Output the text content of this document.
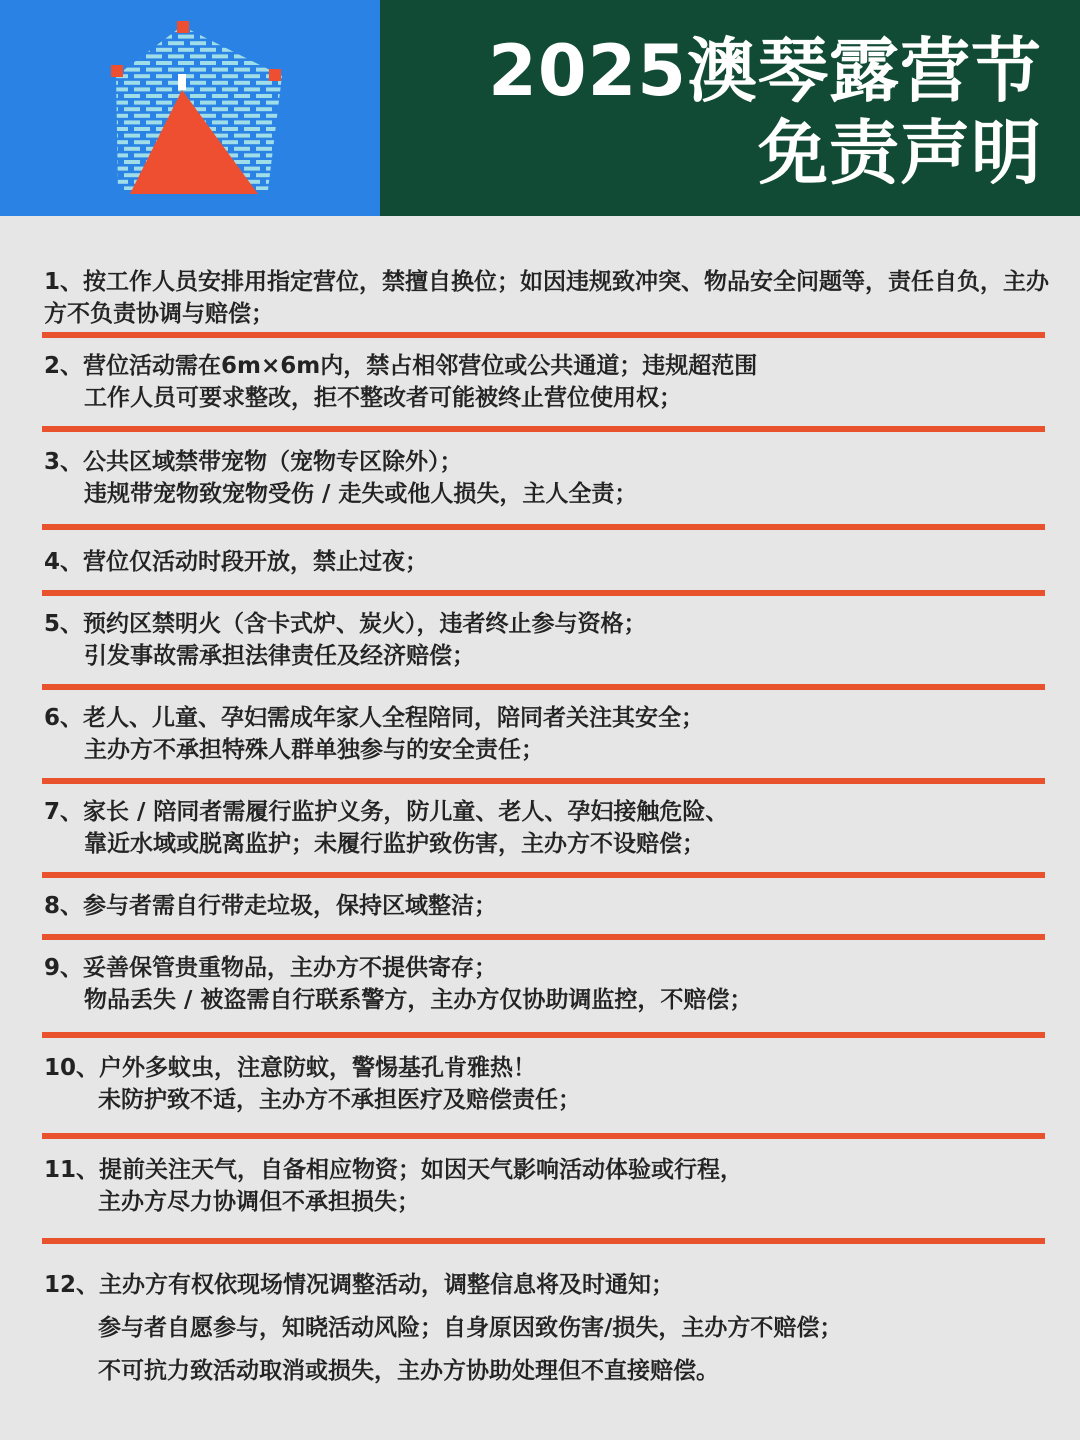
2025澳琴露营节
免责声明
1、按工作人员安排用指定营位，禁擅自换位；如因违规致冲突、物品安全问题等，责任自负，主办方不负责协调与赔偿；
2、营位活动需在6m×6m内，禁占相邻营位或公共通道；违规超范围
工作人员可要求整改，拒不整改者可能被终止营位使用权；
3、公共区域禁带宠物（宠物专区除外）；
违规带宠物致宠物受伤 / 走失或他人损失，主人全责；
4、营位仅活动时段开放，禁止过夜；
5、预约区禁明火（含卡式炉、炭火），违者终止参与资格；
引发事故需承担法律责任及经济赔偿；
6、老人、儿童、孕妇需成年家人全程陪同，陪同者关注其安全；
主办方不承担特殊人群单独参与的安全责任；
7、家长 / 陪同者需履行监护义务，防儿童、老人、孕妇接触危险、
靠近水域或脱离监护；未履行监护致伤害，主办方不设赔偿；
8、参与者需自行带走垃圾，保持区域整洁；
9、妥善保管贵重物品，主办方不提供寄存；
物品丢失 / 被盗需自行联系警方，主办方仅协助调监控，不赔偿；
10、户外多蚊虫，注意防蚊，警惕基孔肯雅热！
未防护致不适，主办方不承担医疗及赔偿责任；
11、提前关注天气，自备相应物资；如因天气影响活动体验或行程，
主办方尽力协调但不承担损失；
12、主办方有权依现场情况调整活动，调整信息将及时通知；
参与者自愿参与，知晓活动风险；自身原因致伤害/损失，主办方不赔偿；
不可抗力致活动取消或损失，主办方协助处理但不直接赔偿。
